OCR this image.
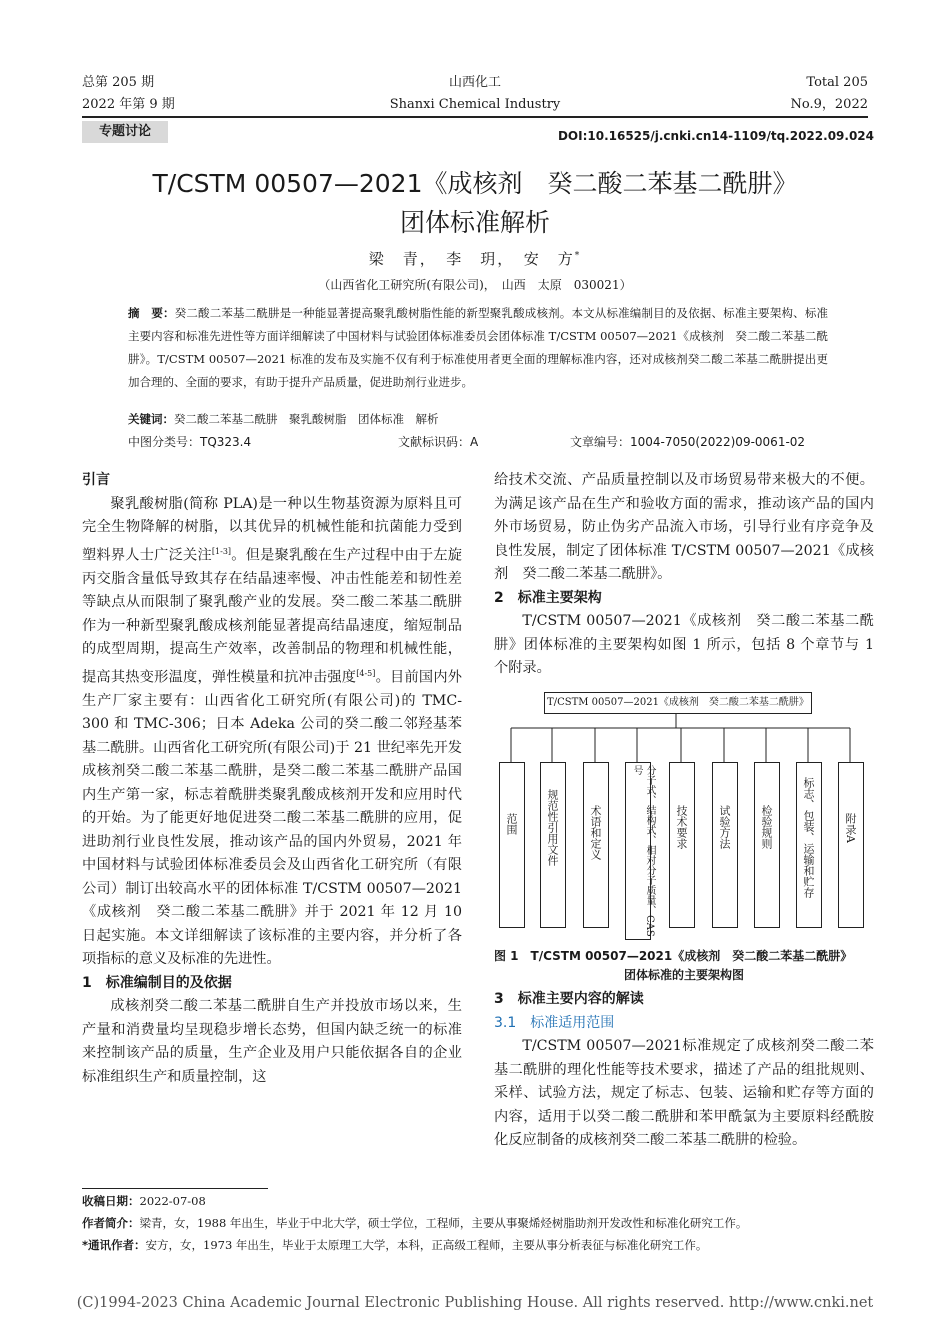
总第 205 期
2022 年第 9 期
山西化工
Shanxi Chemical Industry
Total 205
No.9，2022
专题讨论	DOI:10.16525/j.cnki.cn14-1109/tq.2022.09.024
T/CSTM 00507—2021《成核剂　癸二酸二苯基二酰肼》
团体标准解析
梁　青，　李　玥，　安　方*
（山西省化工研究所(有限公司)，　山西　太原　030021）
摘　要：癸二酸二苯基二酰肼是一种能显著提高聚乳酸树脂性能的新型聚乳酸成核剂。本文从标准编制目的及依据、标准主要架构、标准主要内容和标准先进性等方面详细解读了中国材料与试验团体标准委员会团体标准 T/CSTM 00507—2021《成核剂　癸二酸二苯基二酰肼》。T/CSTM 00507—2021 标准的发布及实施不仅有利于标准使用者更全面的理解标准内容，还对成核剂癸二酸二苯基二酰肼提出更加合理的、全面的要求，有助于提升产品质量，促进助剂行业进步。
关键词：癸二酸二苯基二酰肼　聚乳酸树脂　团体标准　解析
中图分类号：TQ323.4	文献标识码：A	文章编号：1004-7050(2022)09-0061-02
引言

聚乳酸树脂(简称 PLA)是一种以生物基资源为原料且可完全生物降解的树脂，以其优异的机械性能和抗菌能力受到塑料界人士广泛关注[1-3]。但是聚乳酸在生产过程中由于左旋丙交脂含量低导致其存在结晶速率慢、冲击性能差和韧性差等缺点从而限制了聚乳酸产业的发展。癸二酸二苯基二酰肼作为一种新型聚乳酸成核剂能显著提高结晶速度，缩短制品的成型周期，提高生产效率，改善制品的物理和机械性能，提高其热变形温度，弹性模量和抗冲击强度[4-5]。目前国内外生产厂家主要有：山西省化工研究所(有限公司)的 TMC-300 和 TMC-306；日本 Adeka 公司的癸二酸二邻羟基苯基二酰肼。山西省化工研究所(有限公司)于 21 世纪率先开发成核剂癸二酸二苯基二酰肼，是癸二酸二苯基二酰肼产品国内生产第一家，标志着酰肼类聚乳酸成核剂开发和应用时代的开始。为了能更好地促进癸二酸二苯基二酰肼的应用，促进助剂行业良性发展，推动该产品的国内外贸易，2021 年中国材料与试验团体标准委员会及山西省化工研究所（有限公司）制订出较高水平的团体标准 T/CSTM 00507—2021《成核剂　癸二酸二苯基二酰肼》并于 2021 年 12 月 10 日起实施。本文详细解读了该标准的主要内容，并分析了各项指标的意义及标准的先进性。

1　标准编制目的及依据

成核剂癸二酸二苯基二酰肼自生产并投放市场以来，生产量和消费量均呈现稳步增长态势，但国内缺乏统一的标准来控制该产品的质量，生产企业及用户只能依据各自的企业标准组织生产和质量控制，这

给技术交流、产品质量控制以及市场贸易带来极大的不便。为满足该产品在生产和验收方面的需求，推动该产品的国内外市场贸易，防止伪劣产品流入市场，引导行业有序竞争及良性发展，制定了团体标准 T/CSTM 00507—2021《成核剂　癸二酸二苯基二酰肼》。

2　标准主要架构

T/CSTM 00507—2021《成核剂　癸二酸二苯基二酰肼》团体标准的主要架构如图 1 所示，包括 8 个章节与 1 个附录。

T/CSTM 00507—2021《成核剂　癸二酸二苯基二酰肼》
范围	规范性引用文件	术语和定义	分子式、结构式、相对分子质量、CAS号
技术要求	试验方法	检验规则	标志、包装、运输和贮存	附录A
图 1　T/CSTM 00507—2021《成核剂　癸二酸二苯基二酰肼》
团体标准的主要架构图
3　标准主要内容的解读
3.1　标准适用范围

T/CSTM 00507—2021标准规定了成核剂癸二酸二苯基二酰肼的理化性能等技术要求，描述了产品的组批规则、采样、试验方法，规定了标志、包装、运输和贮存等方面的内容，适用于以癸二酸二酰肼和苯甲酰氯为主要原料经酰胺化反应制备的成核剂癸二酸二苯基二酰肼的检验。

收稿日期：2022-07-08
作者简介：梁青，女，1988 年出生，毕业于中北大学，硕士学位，工程师，主要从事聚烯烃树脂助剂开发改性和标准化研究工作。
*通讯作者：安方，女，1973 年出生，毕业于太原理工大学，本科，正高级工程师，主要从事分析表征与标准化研究工作。
(C)1994-2023 China Academic Journal Electronic Publishing House. All rights reserved. http://www.cnki.net
